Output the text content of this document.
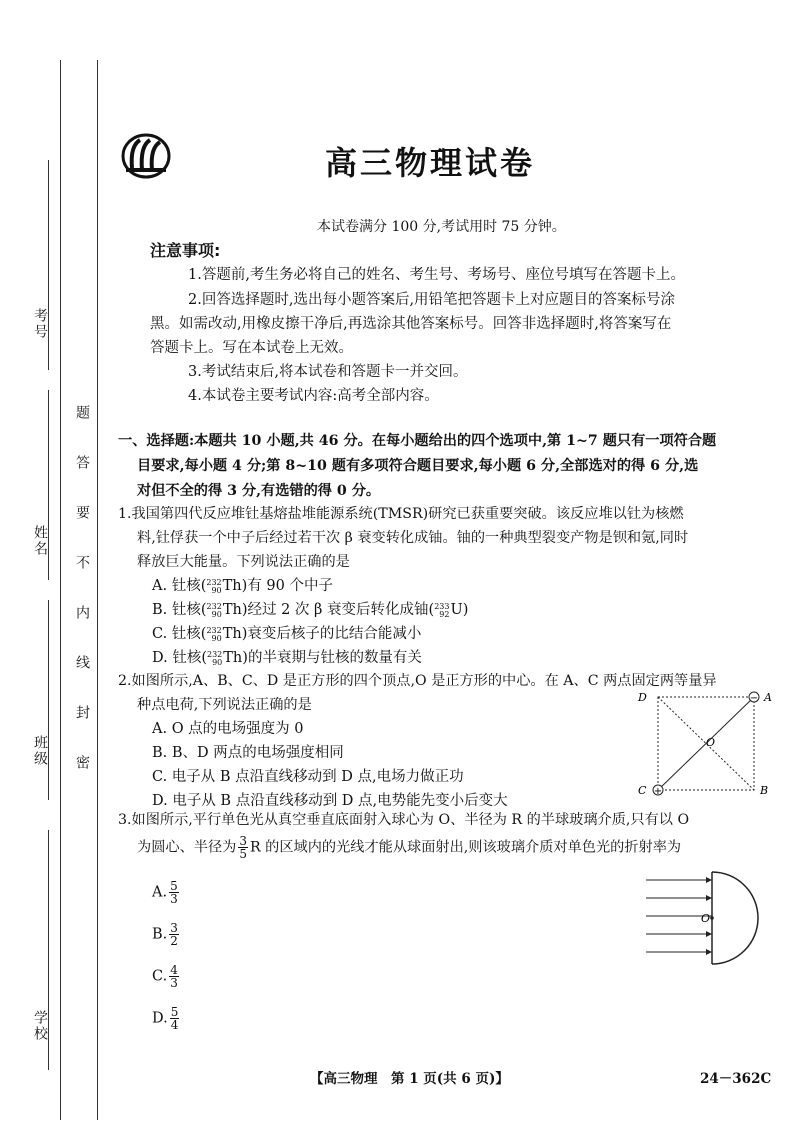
考号
姓名
班级
学校
密
封
线
内
不
要
答
题
高三物理试卷
本试卷满分 100 分,考试用时 75 分钟。
注意事项:
1.答题前,考生务必将自己的姓名、考生号、考场号、座位号填写在答题卡上。
2.回答选择题时,选出每小题答案后,用铅笔把答题卡上对应题目的答案标号涂
黑。如需改动,用橡皮擦干净后,再选涂其他答案标号。回答非选择题时,将答案写在
答题卡上。写在本试卷上无效。
3.考试结束后,将本试卷和答题卡一并交回。
4.本试卷主要考试内容:高考全部内容。
一、选择题:本题共 10 小题,共 46 分。在每小题给出的四个选项中,第 1~7 题只有一项符合题
目要求,每小题 4 分;第 8~10 题有多项符合题目要求,每小题 6 分,全部选对的得 6 分,选
对但不全的得 3 分,有选错的得 0 分。
1.我国第四代反应堆钍基熔盐堆能源系统(TMSR)研究已获重要突破。该反应堆以钍为核燃
料,钍俘获一个中子后经过若干次 β 衰变转化成铀。铀的一种典型裂变产物是钡和氪,同时
释放巨大能量。下列说法正确的是
A. 钍核( 232
90 Th)有 90 个中子
B. 钍核( 232
90 Th)经过 2 次 β 衰变后转化成铀( 233
92 U)
C. 钍核( 232
90 Th)衰变后核子的比结合能减小
D. 钍核( 232
90 Th)的半衰期与钍核的数量有关
2.如图所示,A、B、C、D 是正方形的四个顶点,O 是正方形的中心。在 A、C 两点固定两等量异
种点电荷,下列说法正确的是
A. O 点的电场强度为 0
B. B、D 两点的电场强度相同
C. 电子从 B 点沿直线移动到 D 点,电场力做正功
D. 电子从 B 点沿直线移动到 D 点,电势能先变小后变大
−
+
D	A
C	B
O
3.如图所示,平行单色光从真空垂直底面射入球心为 O、半径为 R 的半球玻璃介质,只有以 O
为圆心、半径为 $\frac{3}{5}$ R 的区域内的光线才能从球面射出,则该玻璃介质对单色光的折射率为
A. $\frac{5}{3}$
B. $\frac{3}{2}$
C. $\frac{4}{3}$
D. $\frac{5}{4}$
O
【高三物理　第 1 页(共 6 页)】	24－362C
